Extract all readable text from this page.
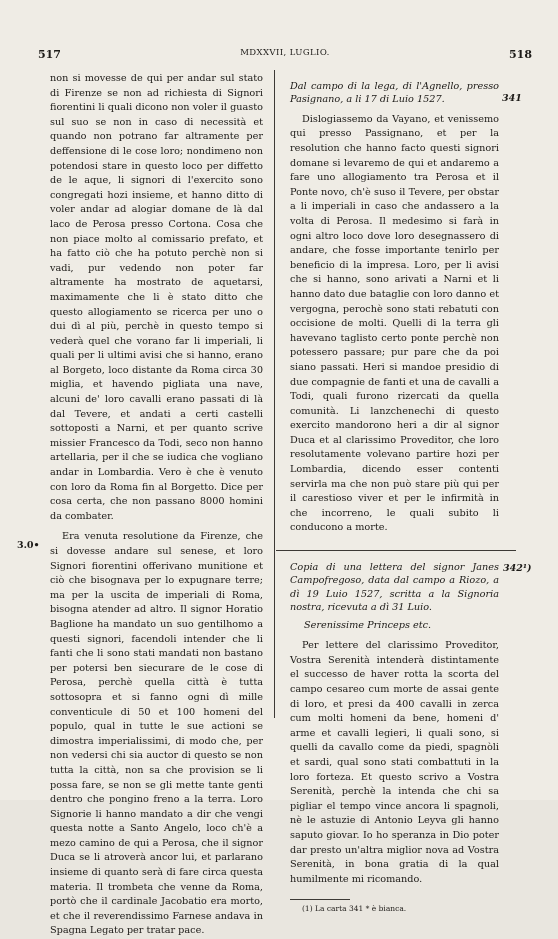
517	MDXXVII, LUGLIO.	518
3.0•

non si movesse de qui per andar sul stato di Firenze se non ad richiesta di Signori fiorentini li quali dicono non voler il guasto sul suo se non in caso di necessità et quando non potrano far altramente per deffensione di le cose loro; nondimeno non potendosi stare in questo loco per diffetto de le aque, li signori di l'exercito sono congregati hozi insieme, et hanno ditto di voler andar ad alogiar domane de là dal laco de Perosa presso Cortona. Cosa che non piace molto al comissario prefato, et ha fatto ciò che ha potuto perchè non si vadi, pur vedendo non poter far altramente ha mostrato de aquetarsi, maximamente che li è stato ditto che questo allogiamento se ricerca per uno o dui dì al più, perchè in questo tempo si vederà quel che vorano far li imperiali, li quali per li ultimi avisi che si hanno, erano al Borgeto, loco distante da Roma circa 30 miglia, et havendo pigliata una nave, alcuni de' loro cavalli erano passati di là dal Tevere, et andati a certi castelli sottoposti a Narni, et per quanto scrive missier Francesco da Todi, seco non hanno artellaria, per il che se iudica che vogliano andar in Lombardia. Vero è che è venuto con loro da Roma fin al Borgetto. Dice per cosa certa, che non passano 8000 homini da combater.

Era venuta resolutione da Firenze, che si dovesse andare sul senese, et loro Signori fiorentini offerivano munitione et ciò che bisognava per lo expugnare terre; ma per la uscita de imperiali di Roma, bisogna atender ad altro. Il signor Horatio Baglione ha mandato un suo gentilhomo a questi signori, facendoli intender che li fanti che li sono stati mandati non bastano per potersi ben siecurare de le cose di Perosa, perchè quella città è tutta sottosopra et si fanno ogni dì mille conventicule di 50 et 100 homeni del populo, qual in tutte le sue actioni se dimostra imperialissimi, di modo che, per non vedersi chi sia auctor di questo se non tutta la città, non sa che provision se li possa fare, se non se gli mette tante genti dentro che pongino freno a la terra. Loro Signorie li hanno mandato a dir che vengi questa notte a Santo Angelo, loco ch'è a mezo camino de qui a Perosa, che il signor Duca se li atroverà ancor lui, et parlarano insieme di quanto serà di fare circa questa materia. Il trombeta che venne da Roma, portò che il cardinale Jacobatio era morto, et che il reverendissimo Farnese andava in Spagna Legato per tratar pace.

Dal campo di la lega, di l'Agnello, presso Pasignano, a li 17 di Luio 1527.	341

Dislogiassemo da Vayano, et venissemo qui presso Passignano, et per la resolution che hanno facto questi signori domane si levaremo de qui et andaremo a fare uno allogiamento tra Perosa et il Ponte novo, ch'è suso il Tevere, per obstar a li imperiali in caso che andassero a la volta di Perosa. Il medesimo si farà in ogni altro loco dove loro desegnassero di andare, che fosse importante tenirlo per beneficio di la impresa. Loro, per li avisi che si hanno, sono arivati a Narni et li hanno dato due bataglie con loro danno et vergogna, perochè sono stati rebatuti con occisione de molti. Quelli di la terra gli havevano taglisto certo ponte perchè non potessero passare; pur pare che da poi siano passati. Heri si mandoe presidio di due compagnie de fanti et una de cavalli a Todi, quali furono rizercati da quella comunità. Li lanzchenechi di questo exercito mandorono heri a dir al signor Duca et al clarissimo Proveditor, che loro resolutamente volevano partire hozi per Lombardia, dicendo esser contenti servirla ma che non può stare più qui per il carestioso viver et per le infirmità in che incorreno, le quali subito li conducono a morte.

Copia di una lettera del signor Janes Campofregoso, data dal campo a Riozo, a dì 19 Luio 1527, scritta a la Signoria nostra, ricevuta a dì 31 Luio.
342¹)

Serenissime Princeps etc.

Per lettere del clarissimo Proveditor, Vostra Serenità intenderà distintamente el successo de haver rotta la scorta del campo cesareo cum morte de assai gente di loro, et presi da 400 cavalli in zerca cum molti homeni da bene, homeni d' arme et cavalli legieri, li quali sono, si quelli da cavallo come da piedi, spagnòli et sardi, qual sono stati combattuti in la loro forteza. Et questo scrivo a Vostra Serenità, perchè la intenda che chi sa pigliar el tempo vince ancora li spagnoli, nè le astuzie di Antonio Leyva gli hanno saputo giovar. Io ho speranza in Dio poter dar presto un'altra miglior nova ad Vostra Serenità, in bona gratia di la qual humilmente mi ricomando.

(1) La carta 341 * è bianca.
